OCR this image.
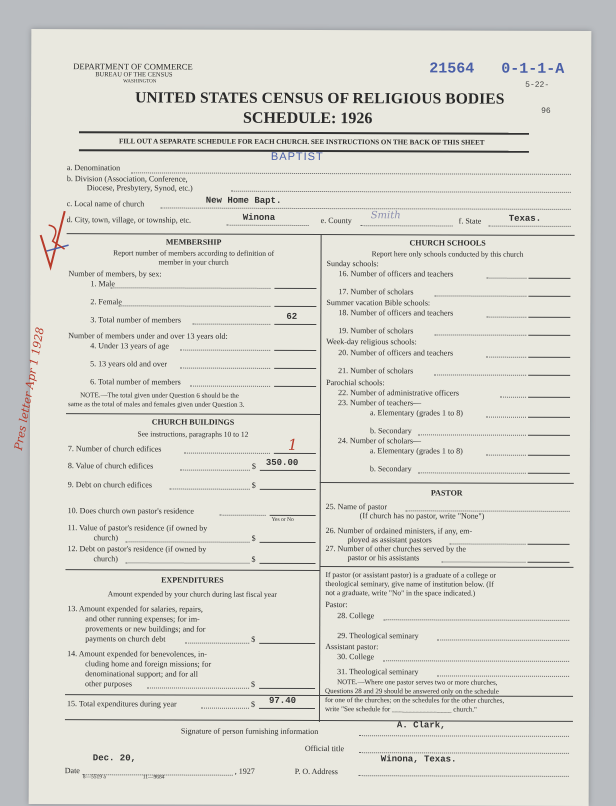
DEPARTMENT OF COMMERCE
BUREAU OF THE CENSUS
WASHINGTON
21564 0-1-1-A
5-22-
96
UNITED STATES CENSUS OF RELIGIOUS BODIES
SCHEDULE: 1926
FILL OUT A SEPARATE SCHEDULE FOR EACH CHURCH. SEE INSTRUCTIONS ON THE BACK OF THIS SHEET
a. Denomination
BAPTIST
b. Division (Association, Conference,
Diocese, Presbytery, Synod, etc.)
c. Local name of church	New Home Bapt.
d. City, town, village, or township, etc.	Winona	e. County Smith	f. State	Texas.
MEMBERSHIP
Report number of members according to definition of
member in your church
Number of members, by sex:
1. Male
2. Female
3. Total number of members	62
Number of members under and over 13 years old:
4. Under 13 years of age
5. 13 years old and over
6. Total number of members
NOTE.—The total given under Question 6 should be the
same as the total of males and females given under Question 3.
CHURCH BUILDINGS
See instructions, paragraphs 10 to 12
7. Number of church edifices	1
8. Value of church edifices	$ 350.00
9. Debt on church edifices	$
10. Does church own pastor's residence
Yes or No
11. Value of pastor's residence (if owned by
church)	$
12. Debt on pastor's residence (if owned by
church)	$
EXPENDITURES
Amount expended by your church during last fiscal year
13. Amount expended for salaries, repairs,
and other running expenses; for im-
provements or new buildings; and for
payments on church debt	$
14. Amount expended for benevolences, in-
cluding home and foreign missions; for
denominational support; and for all
other purposes	$
15. Total expenditures during year	$ 97.40
Pres letter Apr 1 1928
CHURCH SCHOOLS
Report here only schools conducted by this church
Sunday schools:
16. Number of officers and teachers
17. Number of scholars
Summer vacation Bible schools:
18. Number of officers and teachers
19. Number of scholars
Week-day religious schools:
20. Number of officers and teachers
21. Number of scholars
Parochial schools:
22. Number of administrative officers
23. Number of teachers—
a. Elementary (grades 1 to 8)
b. Secondary
24. Number of scholars—
a. Elementary (grades 1 to 8)
b. Secondary
PASTOR
25. Name of pastor
(If church has no pastor, write "None")
26. Number of ordained ministers, if any, em-
ployed as assistant pastors
27. Number of other churches served by the
pastor or his assistants
If pastor (or assistant pastor) is a graduate of a college or
theological seminary, give name of institution below. (If
not a graduate, write "No" in the space indicated.)
Pastor:
28. College
29. Theological seminary
Assistant pastor:
30. College
31. Theological seminary
NOTE.—Where one pastor serves two or more churches,
Questions 28 and 29 should be answered only on the schedule
for one of the churches; on the schedules for the other churches,
write "See schedule for _________________ church."
Signature of person furnishing information
A. Clark,
Official title
Date
Dec. 20,
, 1927	P. O. Address
Winona, Texas.
8—5519 a	11—9684
